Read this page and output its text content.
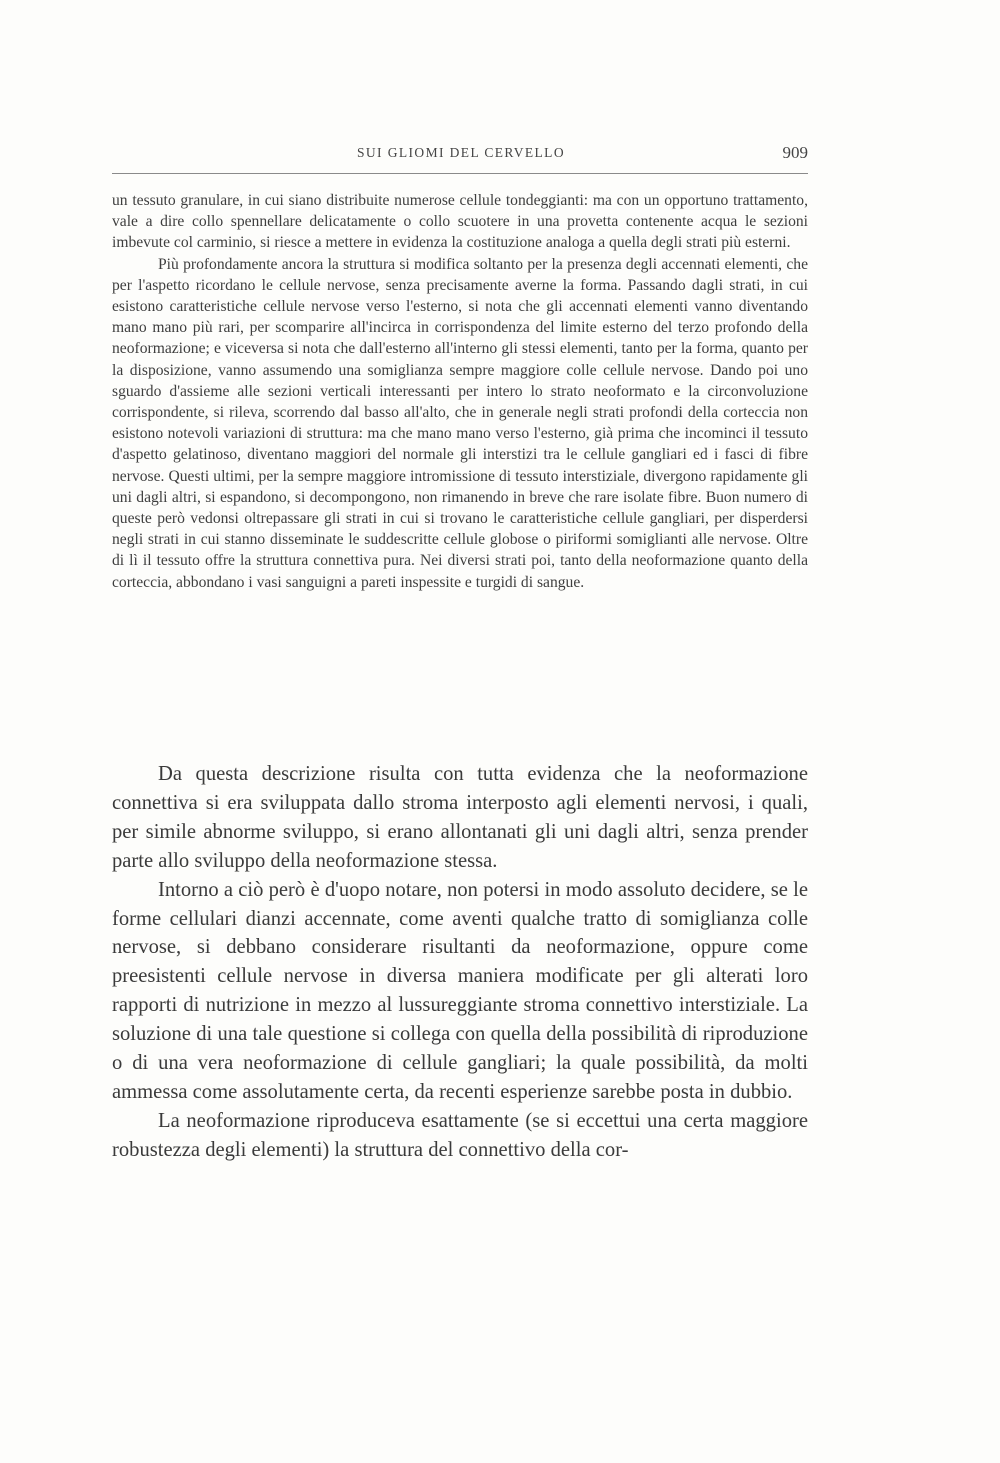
SUI GLIOMI DEL CERVELLO	909

un tessuto granulare, in cui siano distribuite numerose cellule tondeggianti: ma con un opportuno trattamento, vale a dire collo spennellare delicatamente o collo scuotere in una provetta contenente acqua le sezioni imbevute col carminio, si riesce a mettere in evidenza la costituzione analoga a quella degli strati più esterni.

Più profondamente ancora la struttura si modifica soltanto per la presenza degli accennati elementi, che per l'aspetto ricordano le cellule nervose, senza precisamente averne la forma. Passando dagli strati, in cui esistono caratteristiche cellule nervose verso l'esterno, si nota che gli accennati elementi vanno diventando mano mano più rari, per scomparire all'incirca in corrispondenza del limite esterno del terzo profondo della neoformazione; e viceversa si nota che dall'esterno all'interno gli stessi elementi, tanto per la forma, quanto per la disposizione, vanno assumendo una somiglianza sempre maggiore colle cellule nervose. Dando poi uno sguardo d'assieme alle sezioni verticali interessanti per intero lo strato neoformato e la circonvoluzione corrispondente, si rileva, scorrendo dal basso all'alto, che in generale negli strati profondi della corteccia non esistono notevoli variazioni di struttura: ma che mano mano verso l'esterno, già prima che incominci il tessuto d'aspetto gelatinoso, diventano maggiori del normale gli interstizi tra le cellule gangliari ed i fasci di fibre nervose. Questi ultimi, per la sempre maggiore intromissione di tessuto interstiziale, divergono rapidamente gli uni dagli altri, si espandono, si decompongono, non rimanendo in breve che rare isolate fibre. Buon numero di queste però vedonsi oltrepassare gli strati in cui si trovano le caratteristiche cellule gangliari, per disperdersi negli strati in cui stanno disseminate le suddescritte cellule globose o piriformi somiglianti alle nervose. Oltre di lì il tessuto offre la struttura connettiva pura. Nei diversi strati poi, tanto della neoformazione quanto della corteccia, abbondano i vasi sanguigni a pareti inspessite e turgidi di sangue.

Da questa descrizione risulta con tutta evidenza che la neoformazione connettiva si era sviluppata dallo stroma interposto agli elementi nervosi, i quali, per simile abnorme sviluppo, si erano allontanati gli uni dagli altri, senza prender parte allo sviluppo della neoformazione stessa.

Intorno a ciò però è d'uopo notare, non potersi in modo assoluto decidere, se le forme cellulari dianzi accennate, come aventi qualche tratto di somiglianza colle nervose, si debbano considerare risultanti da neoformazione, oppure come preesistenti cellule nervose in diversa maniera modificate per gli alterati loro rapporti di nutrizione in mezzo al lussureggiante stroma connettivo interstiziale. La soluzione di una tale questione si collega con quella della possibilità di riproduzione o di una vera neoformazione di cellule gangliari; la quale possibilità, da molti ammessa come assolutamente certa, da recenti esperienze sarebbe posta in dubbio.

La neoformazione riproduceva esattamente (se si eccettui una certa maggiore robustezza degli elementi) la struttura del connettivo della cor-
